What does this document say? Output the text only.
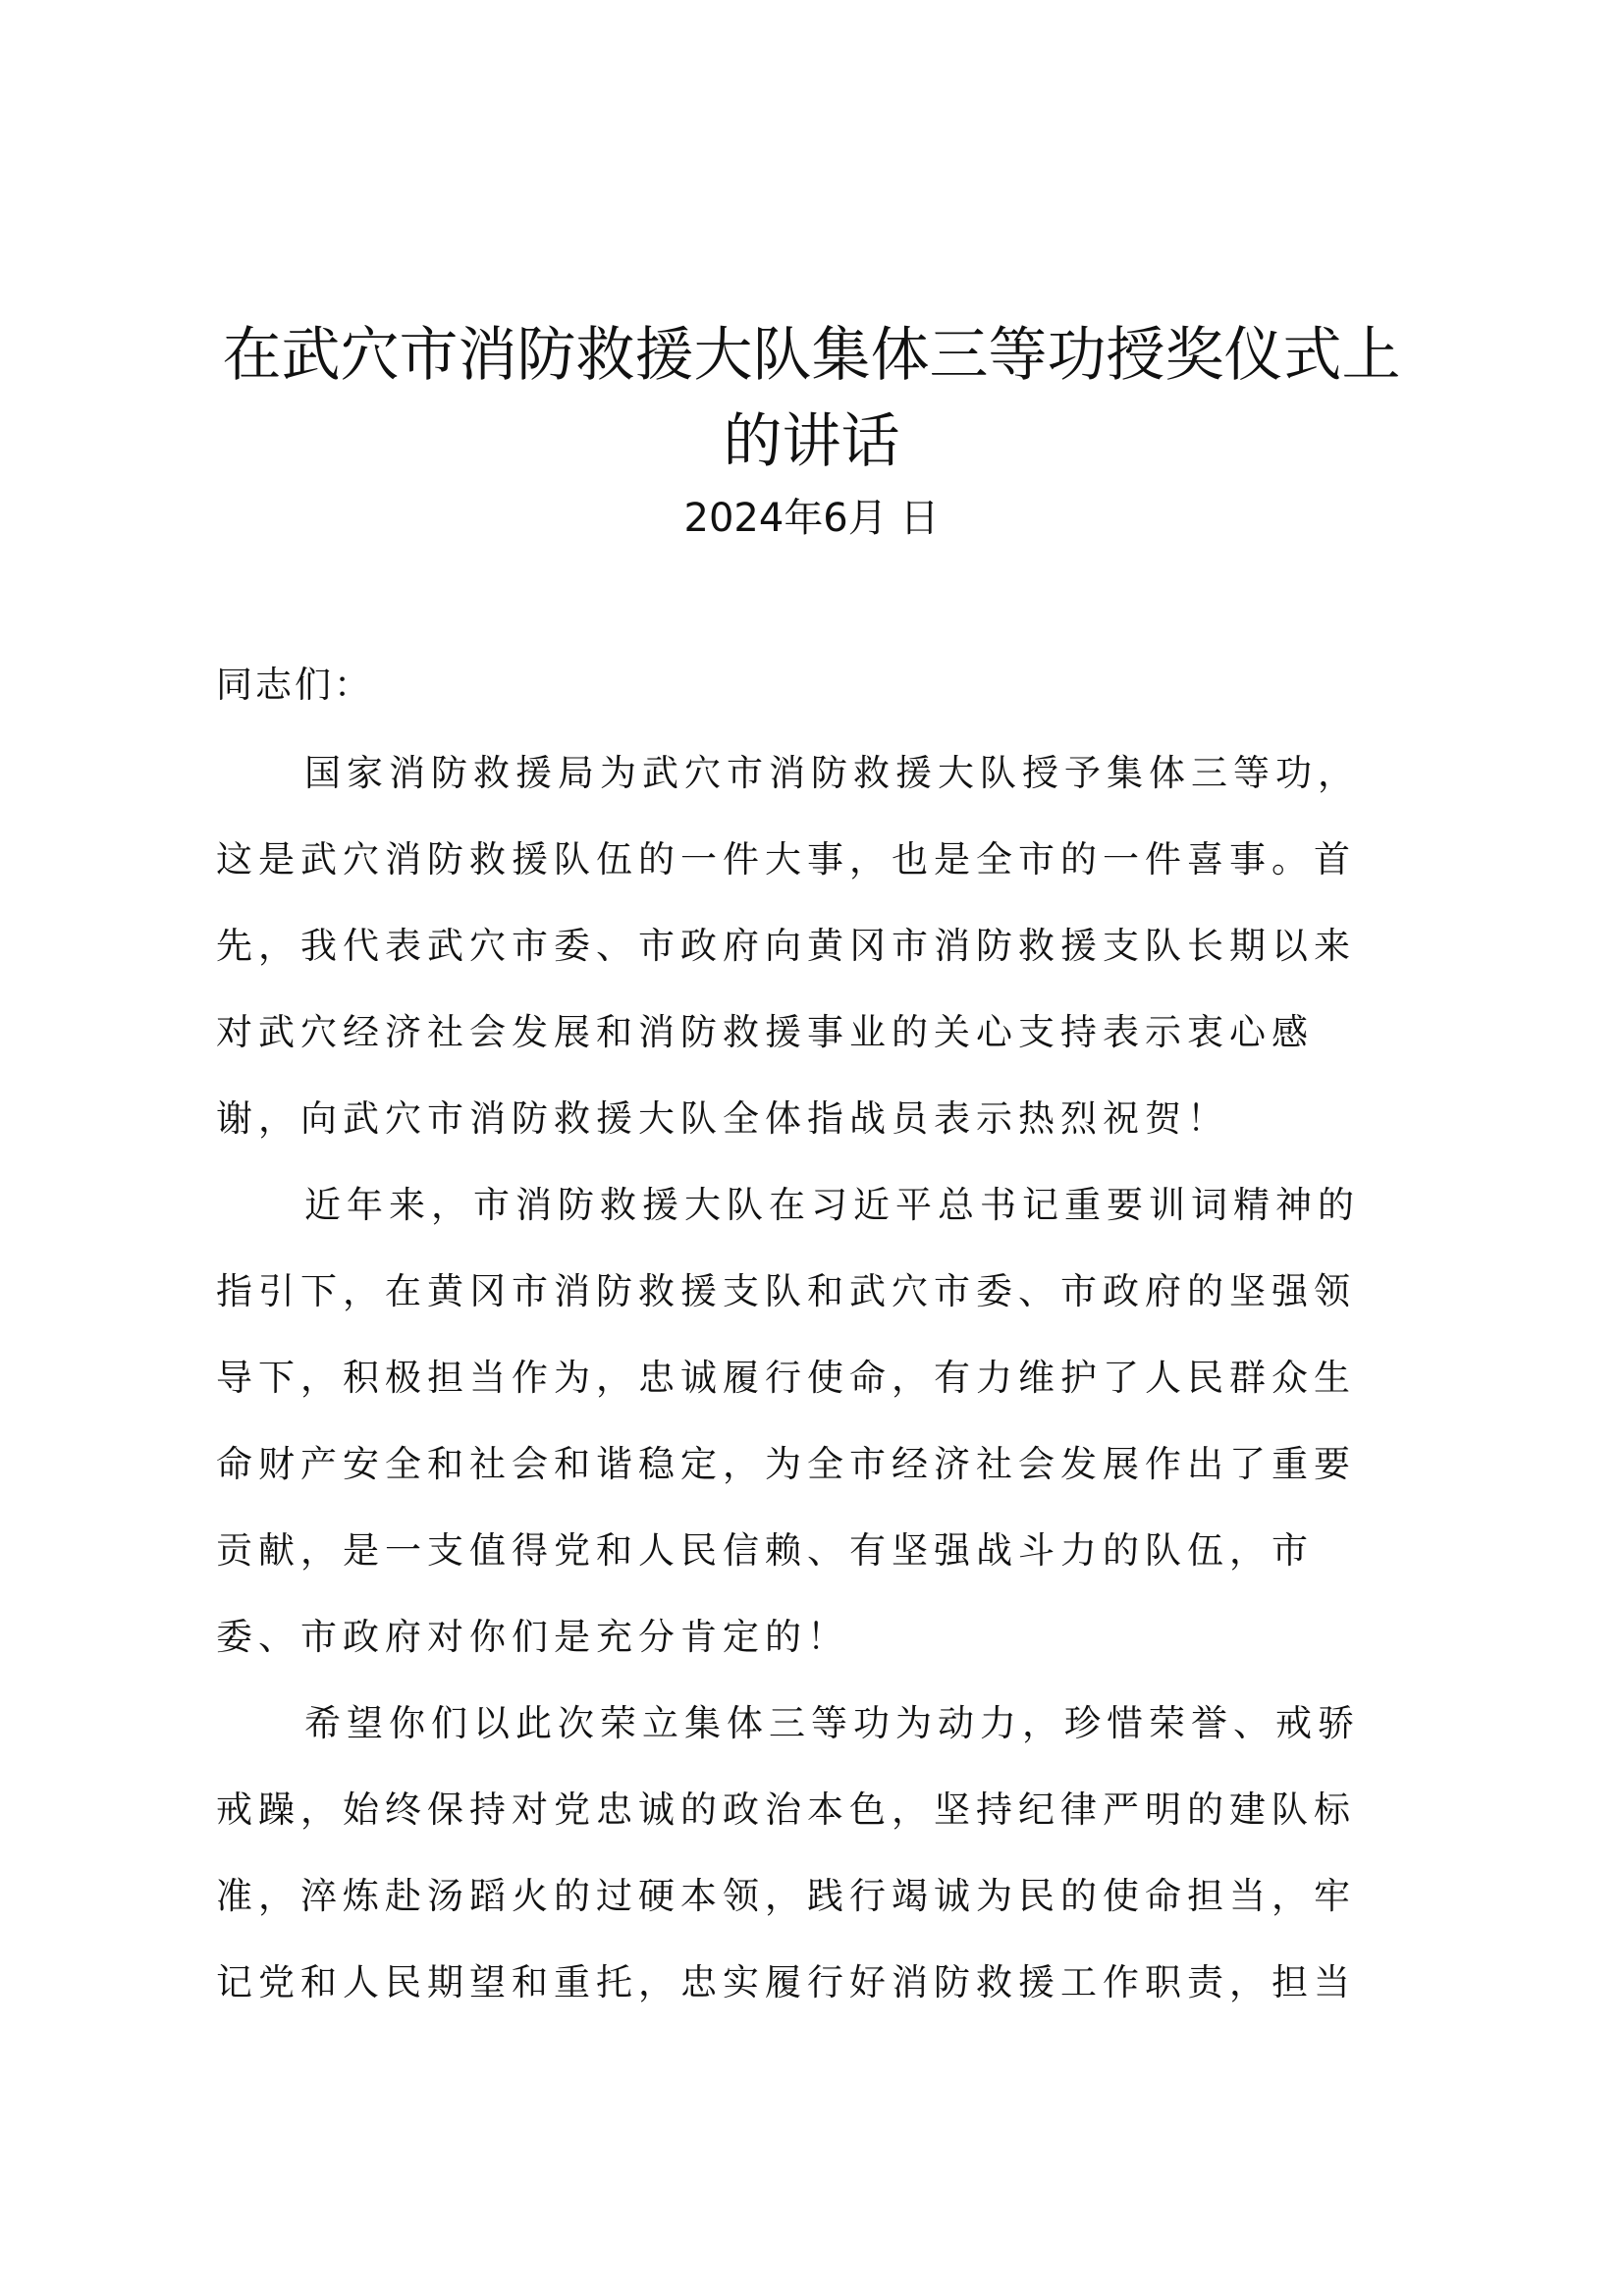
在武穴市消防救援大队集体三等功授奖仪式上
的讲话
2024年6月 日
同志们：
国家消防救援局为武穴市消防救援大队授予集体三等功，
这是武穴消防救援队伍的一件大事，也是全市的一件喜事。首
先，我代表武穴市委、市政府向黄冈市消防救援支队长期以来
对武穴经济社会发展和消防救援事业的关心支持表示衷心感
谢，向武穴市消防救援大队全体指战员表示热烈祝贺！
近年来，市消防救援大队在习近平总书记重要训词精神的
指引下，在黄冈市消防救援支队和武穴市委、市政府的坚强领
导下，积极担当作为，忠诚履行使命，有力维护了人民群众生
命财产安全和社会和谐稳定，为全市经济社会发展作出了重要
贡献，是一支值得党和人民信赖、有坚强战斗力的队伍，市
委、市政府对你们是充分肯定的！
希望你们以此次荣立集体三等功为动力，珍惜荣誉、戒骄
戒躁，始终保持对党忠诚的政治本色，坚持纪律严明的建队标
准，淬炼赴汤蹈火的过硬本领，践行竭诚为民的使命担当，牢
记党和人民期望和重托，忠实履行好消防救援工作职责，担当
